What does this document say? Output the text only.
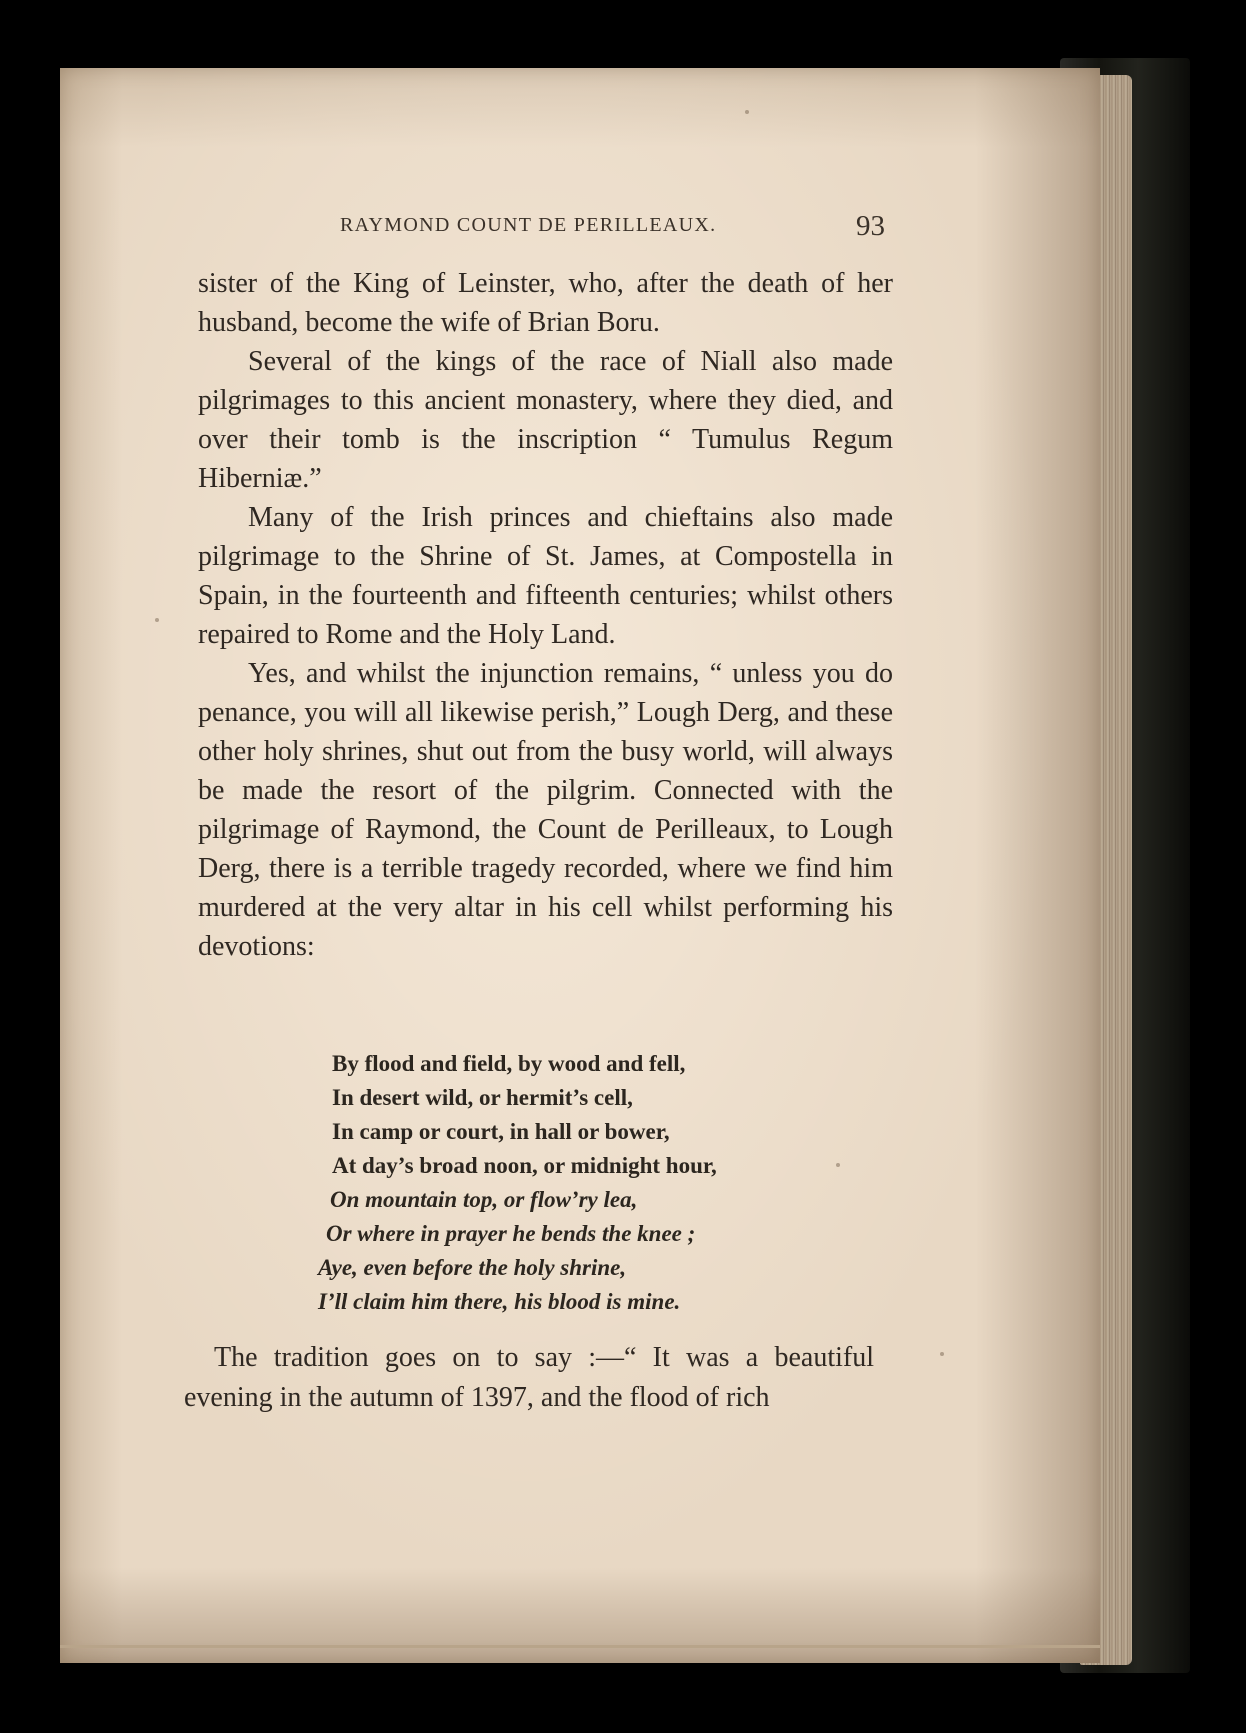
RAYMOND COUNT DE PERILLEAUX.	93

sister of the King of Leinster, who, after the death of her husband, become the wife of Brian Boru.

Several of the kings of the race of Niall also made pilgrimages to this ancient monastery, where they died, and over their tomb is the inscription “ Tumulus Regum Hiberniæ.”

Many of the Irish princes and chieftains also made pilgrimage to the Shrine of St. James, at Compostella in Spain, in the fourteenth and fifteenth centuries; whilst others repaired to Rome and the Holy Land.

Yes, and whilst the injunction remains, “ unless you do penance, you will all likewise perish,” Lough Derg, and these other holy shrines, shut out from the busy world, will always be made the resort of the pilgrim. Connected with the pilgrimage of Raymond, the Count de Perilleaux, to Lough Derg, there is a terrible tragedy recorded, where we find him murdered at the very altar in his cell whilst performing his devotions:

By flood and field, by wood and fell,
In desert wild, or hermit’s cell,
In camp or court, in hall or bower,
At day’s broad noon, or midnight hour,
On mountain top, or flow’ry lea,
Or where in prayer he bends the knee ;
Aye, even before the holy shrine,
I’ll claim him there, his blood is mine.

The tradition goes on to say :—“ It was a beautiful evening in the autumn of 1397, and the flood of rich
